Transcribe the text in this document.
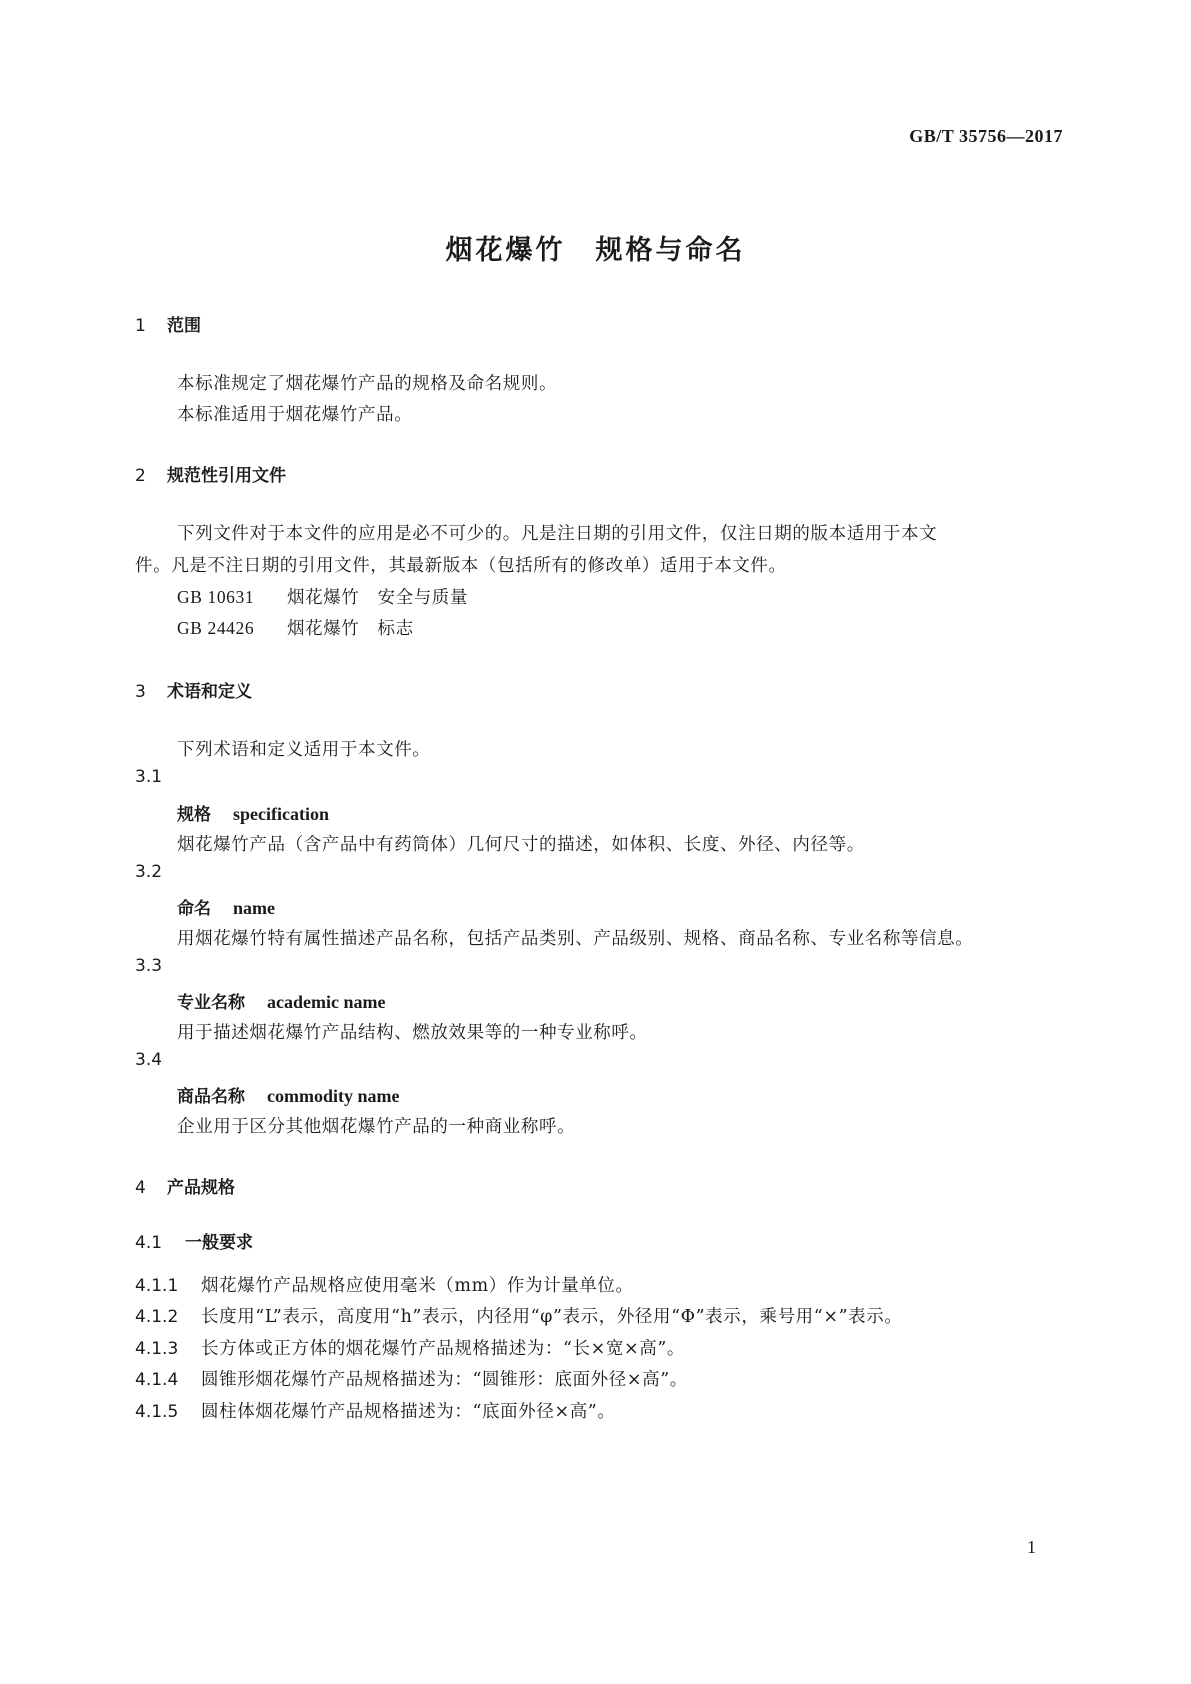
GB/T 35756—2017
烟花爆竹　规格与命名
1 范围
本标准规定了烟花爆竹产品的规格及命名规则。
本标准适用于烟花爆竹产品。
2 规范性引用文件
下列文件对于本文件的应用是必不可少的。凡是注日期的引用文件，仅注日期的版本适用于本文
件。凡是不注日期的引用文件，其最新版本（包括所有的修改单）适用于本文件。
GB 10631 烟花爆竹　安全与质量
GB 24426 烟花爆竹　标志
3 术语和定义
下列术语和定义适用于本文件。
3.1
规格 specification
烟花爆竹产品（含产品中有药筒体）几何尺寸的描述，如体积、长度、外径、内径等。
3.2
命名 name
用烟花爆竹特有属性描述产品名称，包括产品类别、产品级别、规格、商品名称、专业名称等信息。
3.3
专业名称 academic name
用于描述烟花爆竹产品结构、燃放效果等的一种专业称呼。
3.4
商品名称 commodity name
企业用于区分其他烟花爆竹产品的一种商业称呼。
4 产品规格
4.1 一般要求
4.1.1 烟花爆竹产品规格应使用毫米（mm）作为计量单位。
4.1.2 长度用“L”表示，高度用“h”表示，内径用“φ”表示，外径用“Φ”表示，乘号用“×”表示。
4.1.3 长方体或正方体的烟花爆竹产品规格描述为：“长×宽×高”。
4.1.4 圆锥形烟花爆竹产品规格描述为：“圆锥形：底面外径×高”。
4.1.5 圆柱体烟花爆竹产品规格描述为：“底面外径×高”。
1
